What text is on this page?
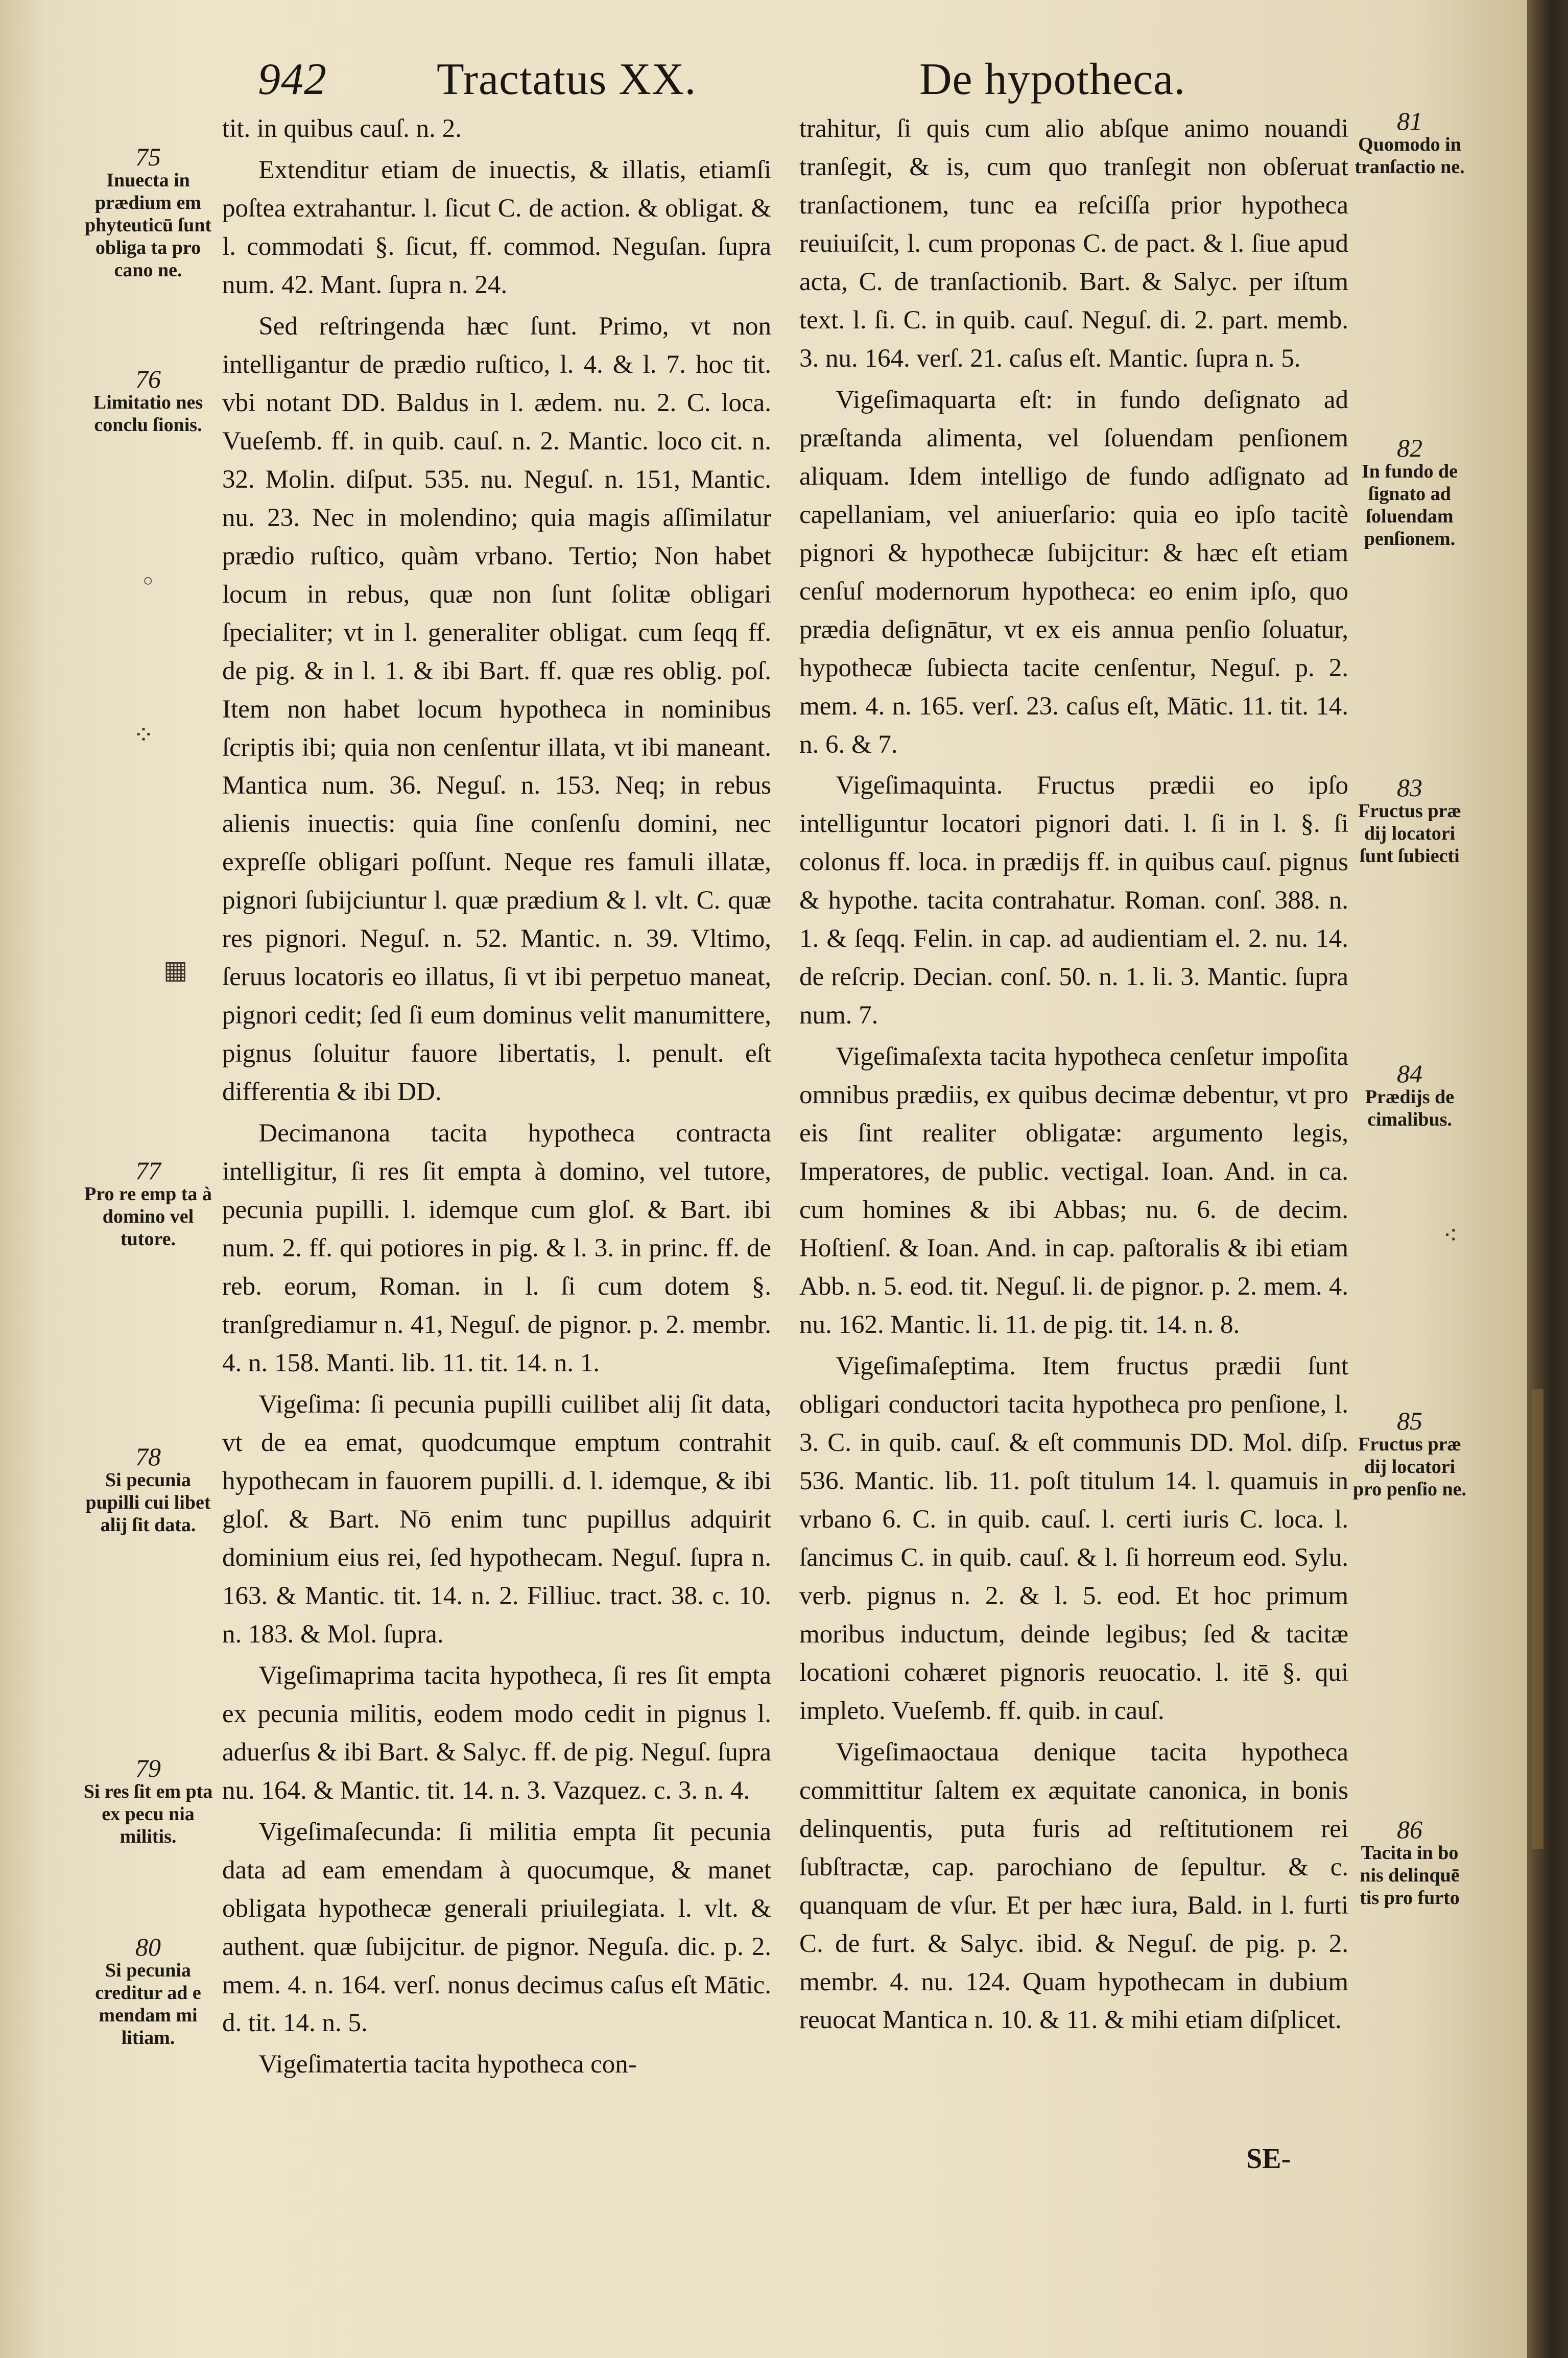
942 Tractatus XX.	De hypotheca.

tit. in quibus cauſ. n. 2.

Extenditur etiam de inuectis, & illatis, etiamſi poſtea extrahantur. l. ſicut C. de action. & obligat. & l. commodati §. ſicut, ff. commod. Neguſan. ſupra num. 42. Mant. ſupra n. 24.

Sed reſtringenda hæc ſunt. Primo, vt non intelligantur de prædio ruſtico, l. 4. & l. 7. hoc tit. vbi notant DD. Baldus in l. ædem. nu. 2. C. loca. Vueſemb. ff. in quib. cauſ. n. 2. Mantic. loco cit. n. 32. Molin. diſput. 535. nu. Neguſ. n. 151, Mantic. nu. 23. Nec in molendino; quia magis aſſimilatur prædio ruſtico, quàm vrbano. Tertio; Non habet locum in rebus, quæ non ſunt ſolitæ obligari ſpecialiter; vt in l. generaliter obligat. cum ſeqq ff. de pig. & in l. 1. & ibi Bart. ff. quæ res oblig. poſ. Item non habet locum hypotheca in nominibus ſcriptis ibi; quia non cenſentur illata, vt ibi maneant. Mantica num. 36. Neguſ. n. 153. Neq; in rebus alienis inuectis: quia ſine conſenſu domini, nec expreſſe obligari poſſunt. Neque res famuli illatæ, pignori ſubijciuntur l. quæ prædium & l. vlt. C. quæ res pignori. Neguſ. n. 52. Mantic. n. 39. Vltimo, ſeruus locatoris eo illatus, ſi vt ibi perpetuo maneat, pignori cedit; ſed ſi eum dominus velit manumittere, pignus ſoluitur fauore libertatis, l. penult. eſt differentia & ibi DD.

Decimanona tacita hypotheca contracta intelligitur, ſi res ſit empta à domino, vel tutore, pecunia pupilli. l. idemque cum gloſ. & Bart. ibi num. 2. ff. qui potiores in pig. & l. 3. in princ. ff. de reb. eorum, Roman. in l. ſi cum dotem §. tranſgrediamur n. 41, Neguſ. de pignor. p. 2. membr. 4. n. 158. Manti. lib. 11. tit. 14. n. 1.

Vigeſima: ſi pecunia pupilli cuilibet alij ſit data, vt de ea emat, quodcumque emptum contrahit hypothecam in fauorem pupilli. d. l. idemque, & ibi gloſ. & Bart. Nō enim tunc pupillus adquirit dominium eius rei, ſed hypothecam. Neguſ. ſupra n. 163. & Mantic. tit. 14. n. 2. Filliuc. tract. 38. c. 10. n. 183. & Mol. ſupra.

Vigeſimaprima tacita hypotheca, ſi res ſit empta ex pecunia militis, eodem modo cedit in pignus l. aduerſus & ibi Bart. & Salyc. ff. de pig. Neguſ. ſupra nu. 164. & Mantic. tit. 14. n. 3. Vazquez. c. 3. n. 4.

Vigeſimaſecunda: ſi militia empta ſit pecunia data ad eam emendam à quocumque, & manet obligata hypothecæ generali priuilegiata. l. vlt. & authent. quæ ſubijcitur. de pignor. Neguſa. dic. p. 2. mem. 4. n. 164. verſ. nonus decimus caſus eſt Mātic. d. tit. 14. n. 5.

Vigeſimatertia tacita hypotheca con-

trahitur, ſi quis cum alio abſque animo nouandi tranſegit, & is, cum quo tranſegit non obſeruat tranſactionem, tunc ea reſciſſa prior hypotheca reuiuiſcit, l. cum proponas C. de pact. & l. ſiue apud acta, C. de tranſactionib. Bart. & Salyc. per iſtum text. l. ſi. C. in quib. cauſ. Neguſ. di. 2. part. memb. 3. nu. 164. verſ. 21. caſus eſt. Mantic. ſupra n. 5.

Vigeſimaquarta eſt: in fundo deſignato ad præſtanda alimenta, vel ſoluendam penſionem aliquam. Idem intelligo de fundo adſignato ad capellaniam, vel aniuerſario: quia eo ipſo tacitè pignori & hypothecæ ſubijcitur: & hæc eſt etiam cenſuſ modernorum hypotheca: eo enim ipſo, quo prædia deſignātur, vt ex eis annua penſio ſoluatur, hypothecæ ſubiecta tacite cenſentur, Neguſ. p. 2. mem. 4. n. 165. verſ. 23. caſus eſt, Mātic. 11. tit. 14. n. 6. & 7.

Vigeſimaquinta. Fructus prædii eo ipſo intelliguntur locatori pignori dati. l. ſi in l. §. ſi colonus ff. loca. in prædijs ff. in quibus cauſ. pignus & hypothe. tacita contrahatur. Roman. conſ. 388. n. 1. & ſeqq. Felin. in cap. ad audientiam el. 2. nu. 14. de reſcrip. Decian. conſ. 50. n. 1. li. 3. Mantic. ſupra num. 7.

Vigeſimaſexta tacita hypotheca cenſetur impoſita omnibus prædiis, ex quibus decimæ debentur, vt pro eis ſint realiter obligatæ: argumento legis, Imperatores, de public. vectigal. Ioan. And. in ca. cum homines & ibi Abbas; nu. 6. de decim. Hoſtienſ. & Ioan. And. in cap. paſtoralis & ibi etiam Abb. n. 5. eod. tit. Neguſ. li. de pignor. p. 2. mem. 4. nu. 162. Mantic. li. 11. de pig. tit. 14. n. 8.

Vigeſimaſeptima. Item fructus prædii ſunt obligari conductori tacita hypotheca pro penſione, l. 3. C. in quib. cauſ. & eſt communis DD. Mol. diſp. 536. Mantic. lib. 11. poſt titulum 14. l. quamuis in vrbano 6. C. in quib. cauſ. l. certi iuris C. loca. l. ſancimus C. in quib. cauſ. & l. ſi horreum eod. Sylu. verb. pignus n. 2. & l. 5. eod. Et hoc primum moribus inductum, deinde legibus; ſed & tacitæ locationi cohæret pignoris reuocatio. l. itē §. qui impleto. Vueſemb. ff. quib. in cauſ.

Vigeſimaoctaua denique tacita hypotheca committitur ſaltem ex æquitate canonica, in bonis delinquentis, puta furis ad reſtitutionem rei ſubſtractæ, cap. parochiano de ſepultur. & c. quanquam de vſur. Et per hæc iura, Bald. in l. furti C. de furt. & Salyc. ibid. & Neguſ. de pig. p. 2. membr. 4. nu. 124. Quam hypothecam in dubium reuocat Mantica n. 10. & 11. & mihi etiam diſplicet.

75
Inuecta in prædium em phyteuticū ſunt obliga ta pro cano ne.
76
Limitatio nes conclu ſionis.
77
Pro re emp ta à domino vel tutore.
78
Si pecunia pupilli cui libet alij ſit data.
79
Si res ſit em pta ex pecu nia militis.
80
Si pecunia creditur ad e mendam mi litiam.
81
Quomodo in tranſactio ne.
82
In fundo de ſignato ad ſoluendam penſionem.
83
Fructus præ dij locatori ſunt ſubiecti
84
Prædijs de cimalibus.
85
Fructus præ dij locatori pro penſio ne.
86
Tacita in bo nis delinquē tis pro furto
◦
⁘
▦
⁖
SE-
